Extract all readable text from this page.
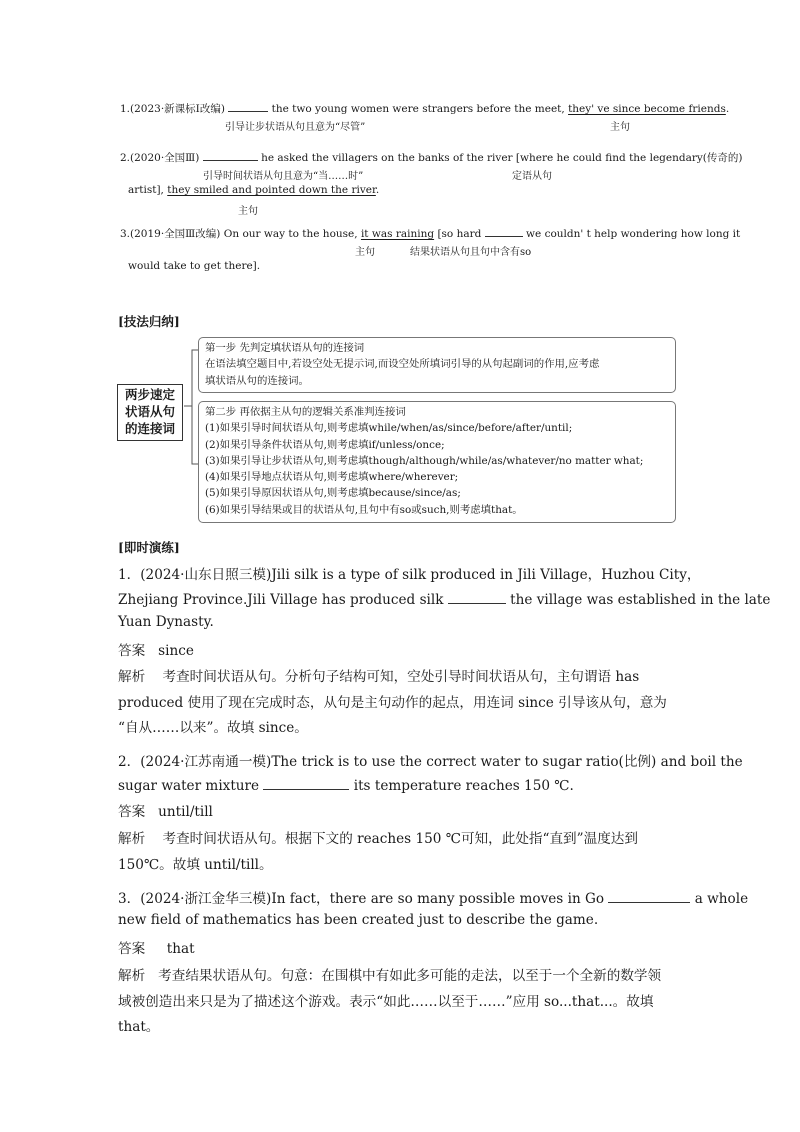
1.(2023·新课标Ⅰ改编)	the two young women were strangers before the meet, they' ve since become friends.
引导让步状语从句且意为“尽管”	主句
2.(2020·全国Ⅲ)	he asked the villagers on the banks of the river [where he could find the legendary(传奇的)
引导时间状语从句且意为“当……时”	定语从句
artist], they smiled and pointed down the river.
主句
3.(2019·全国Ⅲ改编) On our way to the house, it was raining [so hard	we couldn' t help wondering how long it
主句	结果状语从句且句中含有so
would take to get there].
[技法归纳]
两步速定
状语从句
的连接词
第一步 先判定填状语从句的连接词
在语法填空题目中,若设空处无提示词,而设空处所填词引导的从句起副词的作用,应考虑
填状语从句的连接词。
第二步 再依据主从句的逻辑关系准判连接词
(1)如果引导时间状语从句,则考虑填while/when/as/since/before/after/until;
(2)如果引导条件状语从句,则考虑填if/unless/once;
(3)如果引导让步状语从句,则考虑填though/although/while/as/whatever/no matter what;
(4)如果引导地点状语从句,则考虑填where/wherever;
(5)如果引导原因状语从句,则考虑填because/since/as;
(6)如果引导结果或目的状语从句,且句中有so或such,则考虑填that。
[即时演练]
1．(2024·山东日照三模)Jili silk is a type of silk produced in Jili Village，Huzhou City，
Zhejiang Province.Jili Village has produced silk	the village was established in the late
Yuan Dynasty.
答案 since
解析 考查时间状语从句。分析句子结构可知，空处引导时间状语从句，主句谓语 has
produced 使用了现在完成时态，从句是主句动作的起点，用连词 since 引导该从句，意为
“自从……以来”。故填 since。
2．(2024·江苏南通一模)The trick is to use the correct water to sugar ratio(比例) and boil the
sugar water mixture	its temperature reaches 150 ℃.
答案 until/till
解析 考查时间状语从句。根据下文的 reaches 150 ℃可知，此处指“直到”温度达到
150℃。故填 until/till。
3．(2024·浙江金华三模)In fact，there are so many possible moves in Go	a whole
new field of mathematics has been created just to describe the game.
答案 that
解析 考查结果状语从句。句意：在围棋中有如此多可能的走法，以至于一个全新的数学领
域被创造出来只是为了描述这个游戏。表示“如此……以至于……”应用 so...that...。故填
that。
